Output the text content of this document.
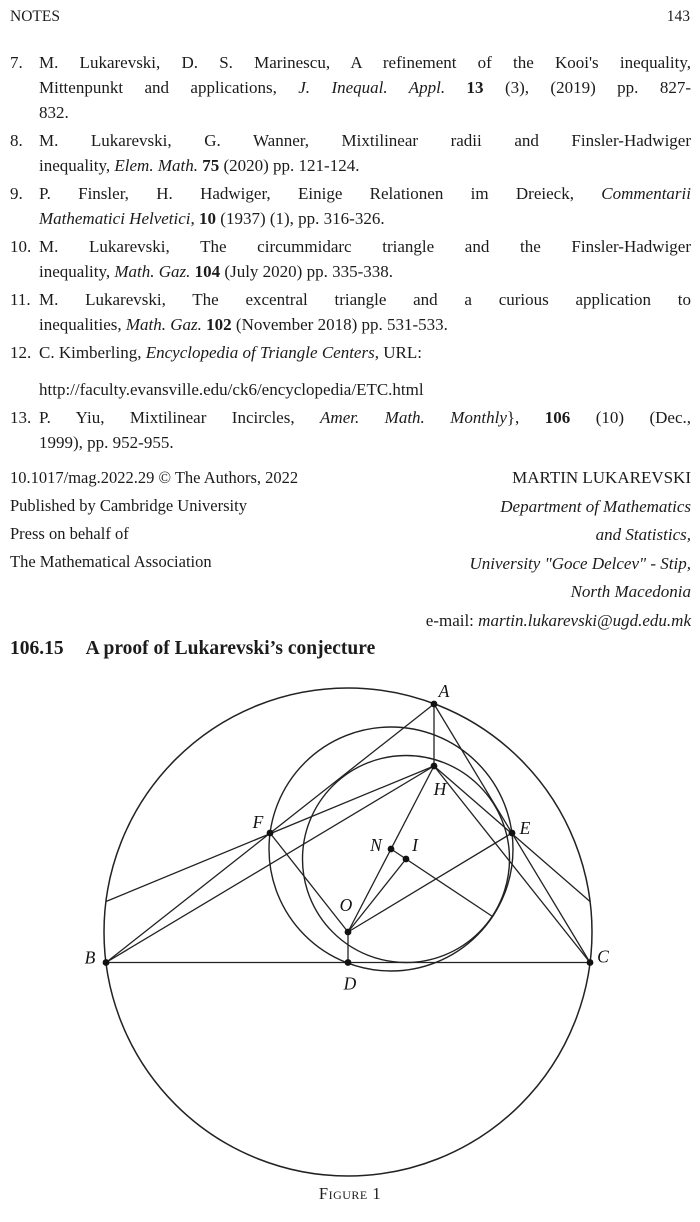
A
B	C
D
E
F
H
N I
O
NOTES	143
7. M. Lukarevski, D. S. Marinescu, A refinement of the Kooi's inequality,
Mittenpunkt and applications, J. Inequal. Appl. 13 (3), (2019) pp. 827-
832.
8. M. Lukarevski, G. Wanner, Mixtilinear radii and Finsler-Hadwiger
inequality, Elem. Math. 75 (2020) pp. 121-124.
9. P. Finsler, H. Hadwiger, Einige Relationen im Dreieck, Commentarii
Mathematici Helvetici, 10 (1937) (1), pp. 316-326.
10. M. Lukarevski, The circummidarc triangle and the Finsler-Hadwiger
inequality, Math. Gaz. 104 (July 2020) pp. 335-338.
11. M. Lukarevski, The excentral triangle and a curious application to
inequalities, Math. Gaz. 102 (November 2018) pp. 531-533.
12. C. Kimberling, Encyclopedia of Triangle Centers, URL:
http://faculty.evansville.edu/ck6/encyclopedia/ETC.html
13. P. Yiu, Mixtilinear Incircles, Amer. Math. Monthly}, 106 (10) (Dec.,
1999), pp. 952-955.
10.1017/mag.2022.29 © The Authors, 2022
Published by Cambridge University
Press on behalf of
The Mathematical Association
MARTIN LUKAREVSKI
Department of Mathematics
and Statistics,
University "Goce Delcev" - Stip,
North Macedonia
e-mail: martin.lukarevski@ugd.edu.mk
106.15 A proof of Lukarevski’s conjecture
Figure 1
